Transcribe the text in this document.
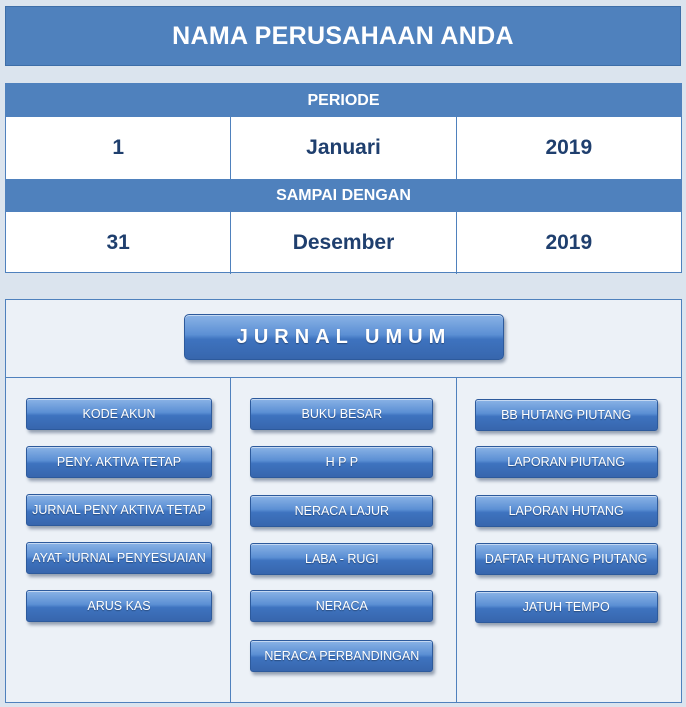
NAMA PERUSAHAAN ANDA
PERIODE
1	Januari	2019
SAMPAI DENGAN
31	Desember	2019
JURNAL UMUM
KODE AKUN
PENY. AKTIVA TETAP
JURNAL PENY AKTIVA TETAP
AYAT JURNAL PENYESUAIAN
ARUS KAS
BUKU BESAR
H P P
NERACA LAJUR
LABA - RUGI
NERACA
NERACA PERBANDINGAN
BB HUTANG PIUTANG
LAPORAN PIUTANG
LAPORAN HUTANG
DAFTAR HUTANG PIUTANG
JATUH TEMPO
